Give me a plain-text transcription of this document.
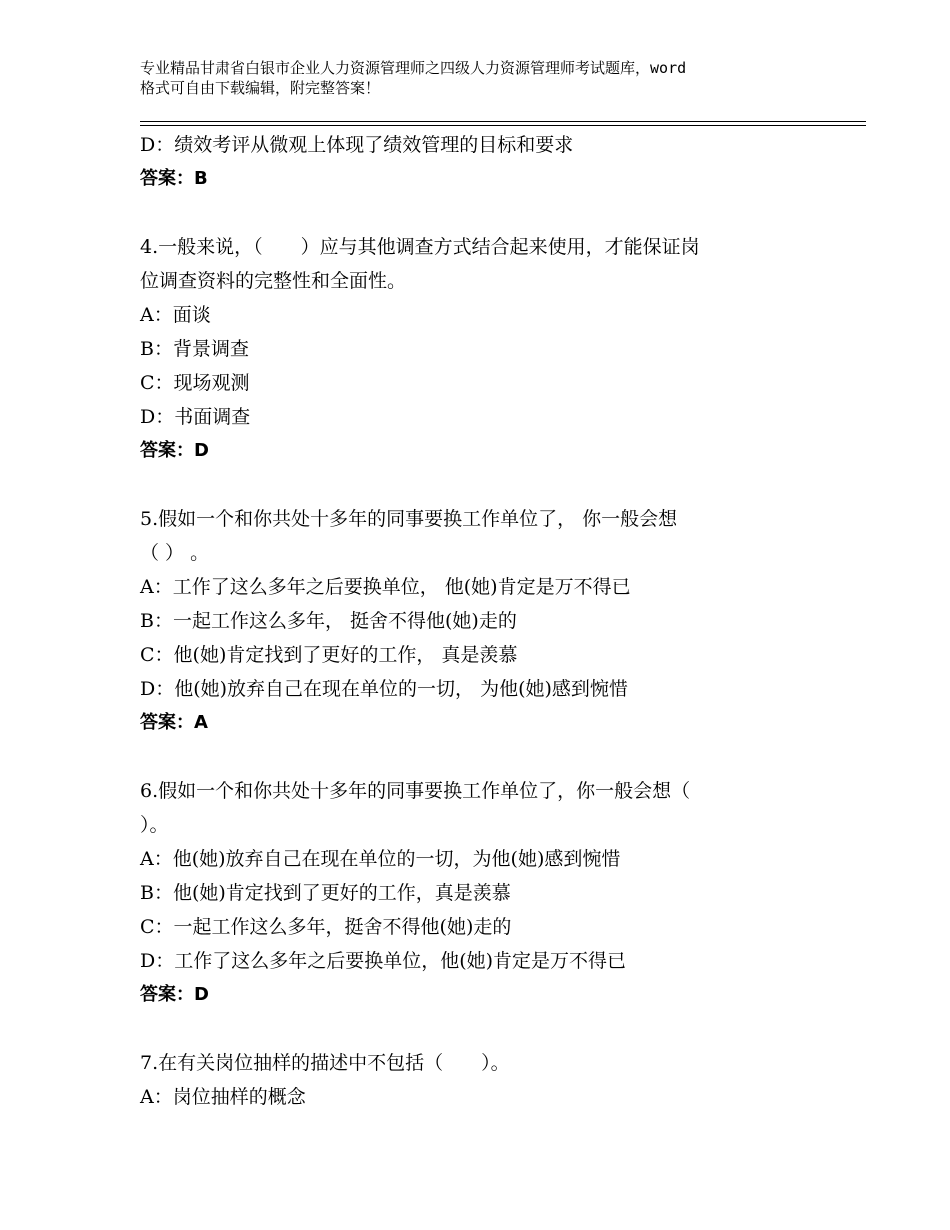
专业精品甘肃省白银市企业人力资源管理师之四级人力资源管理师考试题库，word
格式可自由下载编辑，附完整答案！
D：绩效考评从微观上体现了绩效管理的目标和要求
答案：B
4.一般来说，（　　）应与其他调查方式结合起来使用，才能保证岗
位调查资料的完整性和全面性。
A：面谈
B：背景调查
C：现场观测
D：书面调查
答案：D
5.假如一个和你共处十多年的同事要换工作单位了， 你一般会想
（ ） 。
A：工作了这么多年之后要换单位， 他(她)肯定是万不得已
B：一起工作这么多年， 挺舍不得他(她)走的
C：他(她)肯定找到了更好的工作， 真是羡慕
D：他(她)放弃自己在现在单位的一切， 为他(她)感到惋惜
答案：A
6.假如一个和你共处十多年的同事要换工作单位了，你一般会想（
）。
A：他(她)放弃自己在现在单位的一切，为他(她)感到惋惜
B：他(她)肯定找到了更好的工作，真是羡慕
C：一起工作这么多年，挺舍不得他(她)走的
D：工作了这么多年之后要换单位，他(她)肯定是万不得已
答案：D
7.在有关岗位抽样的描述中不包括（　　）。
A：岗位抽样的概念
